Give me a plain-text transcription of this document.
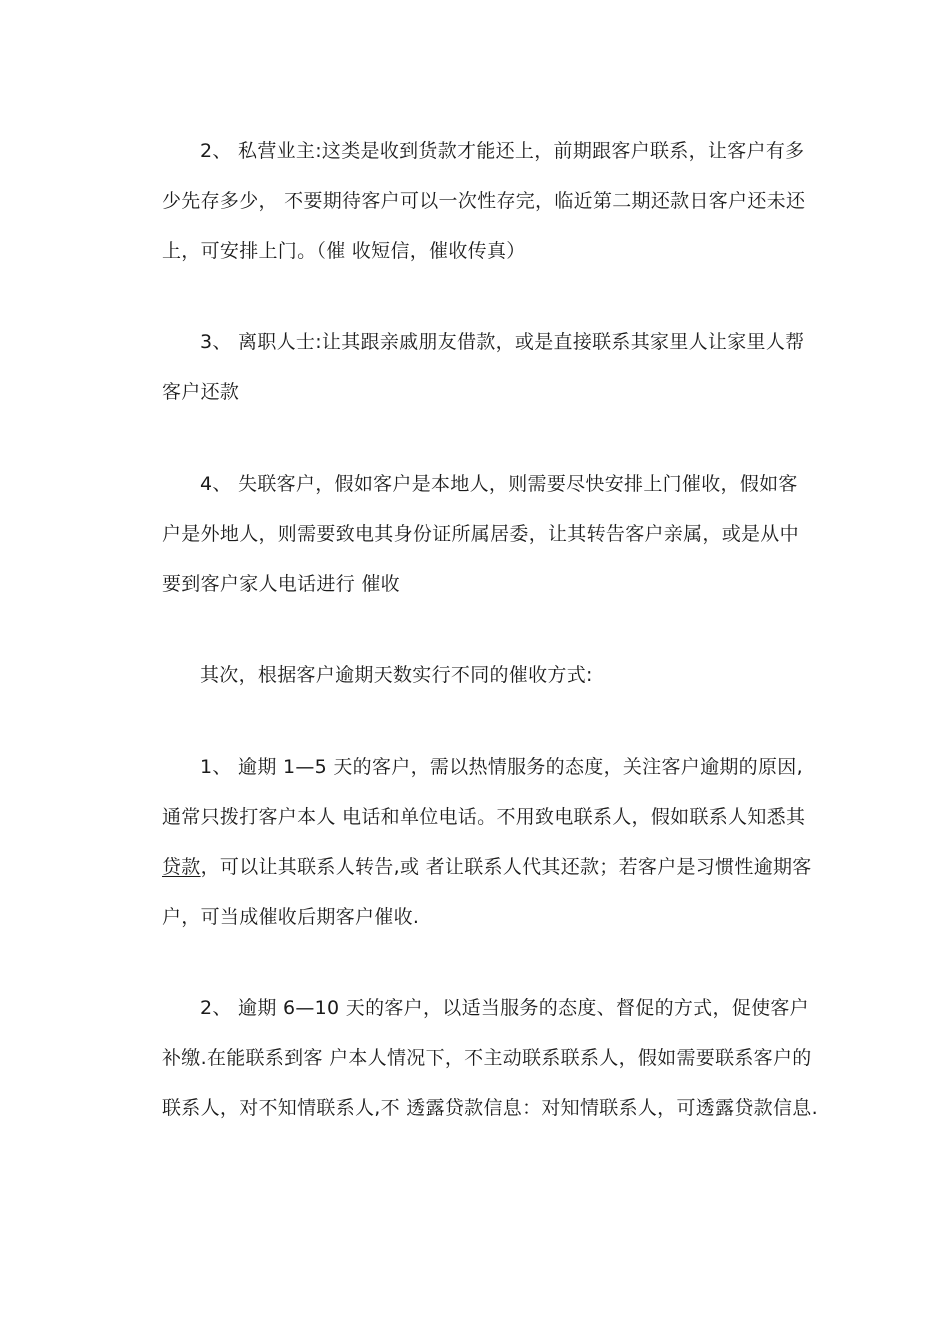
2、 私营业主:这类是收到货款才能还上，前期跟客户联系，让客户有多
少先存多少， 不要期待客户可以一次性存完，临近第二期还款日客户还未还
上，可安排上门。（催 收短信，催收传真）
3、 离职人士:让其跟亲戚朋友借款，或是直接联系其家里人让家里人帮
客户还款
4、 失联客户，假如客户是本地人，则需要尽快安排上门催收，假如客
户是外地人，则需要致电其身份证所属居委，让其转告客户亲属，或是从中
要到客户家人电话进行 催收
其次，根据客户逾期天数实行不同的催收方式:
1、 逾期 1—5 天的客户，需以热情服务的态度，关注客户逾期的原因,
通常只拨打客户本人 电话和单位电话。不用致电联系人，假如联系人知悉其
贷款，可以让其联系人转告,或 者让联系人代其还款；若客户是习惯性逾期客
户，可当成催收后期客户催收.
2、 逾期 6—10 天的客户，以适当服务的态度、督促的方式，促使客户
补缴.在能联系到客 户本人情况下，不主动联系联系人，假如需要联系客户的
联系人，对不知情联系人,不 透露贷款信息：对知情联系人，可透露贷款信息.
